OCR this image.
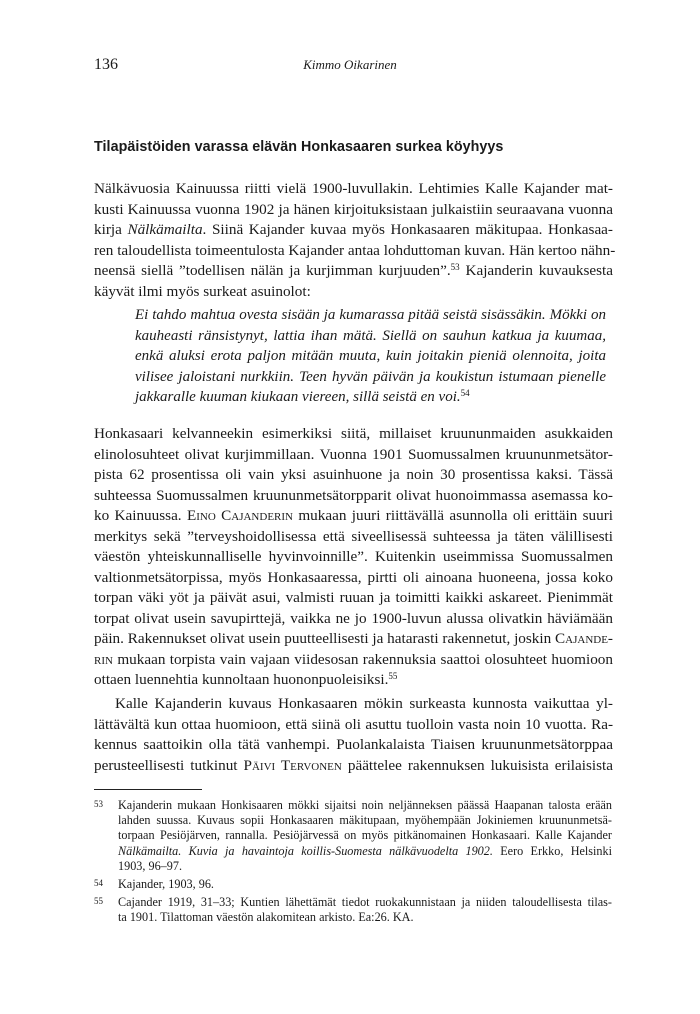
136	Kimmo Oikarinen
Tilapäistöiden varassa elävän Honkasaaren surkea köyhyys
Nälkävuosia Kainuussa riitti vielä 1900-luvullakin. Lehtimies Kalle Kajander mat-
kusti Kainuussa vuonna 1902 ja hänen kirjoituksistaan julkaistiin seuraavana vuonna
kirja Nälkämailta. Siinä Kajander kuvaa myös Honkasaaren mäkitupaa. Honkasaa-
ren taloudellista toimeentulosta Kajander antaa lohduttoman kuvan. Hän kertoo nähn-
neensä siellä ”todellisen nälän ja kurjimman kurjuuden”.$^{53}$ Kajanderin kuvauksesta
käyvät ilmi myös surkeat asuinolot:
Ei tahdo mahtua ovesta sisään ja kumarassa pitää seistä sisässäkin. Mökki on
kauheasti ränsistynyt, lattia ihan mätä. Siellä on sauhun katkua ja kuumaa,
enkä aluksi erota paljon mitään muuta, kuin joitakin pieniä olennoita, joita
vilisee jaloistani nurkkiin. Teen hyvän päivän ja koukistun istumaan pienelle
jakkaralle kuuman kiukaan viereen, sillä seistä en voi.$^{54}$
Honkasaari kelvanneekin esimerkiksi siitä, millaiset kruununmaiden asukkaiden
elinolosuhteet olivat kurjimmillaan. Vuonna 1901 Suomussalmen kruununmetsätor-
pista 62 prosentissa oli vain yksi asuinhuone ja noin 30 prosentissa kaksi. Tässä
suhteessa Suomussalmen kruununmetsätorpparit olivat huonoimmassa asemassa ko-
ko Kainuussa. Eino Cajanderin mukaan juuri riittävällä asunnolla oli erittäin suuri
merkitys sekä ”terveyshoidollisessa että siveellisessä suhteessa ja täten välillisesti
väestön yhteiskunnalliselle hyvinvoinnille”. Kuitenkin useimmissa Suomussalmen
valtionmetsätorpissa, myös Honkasaaressa, pirtti oli ainoana huoneena, jossa koko
torpan väki yöt ja päivät asui, valmisti ruuan ja toimitti kaikki askareet. Pienimmät
torpat olivat usein savupirttejä, vaikka ne jo 1900-luvun alussa olivatkin häviämään
päin. Rakennukset olivat usein puutteellisesti ja hatarasti rakennetut, joskin Cajande-
rin mukaan torpista vain vajaan viidesosan rakennuksia saattoi olosuhteet huomioon
ottaen luennehtia kunnoltaan huononpuoleisiksi.$^{55}$
Kalle Kajanderin kuvaus Honkasaaren mökin surkeasta kunnosta vaikuttaa yl-
lättävältä kun ottaa huomioon, että siinä oli asuttu tuolloin vasta noin 10 vuotta. Ra-
kennus saattoikin olla tätä vanhempi. Puolankalaista Tiaisen kruununmetsätorppaa
perusteellisesti tutkinut Päivi Tervonen päättelee rakennuksen lukuisista erilaisista
53 Kajanderin mukaan Honkisaaren mökki sijaitsi noin neljänneksen päässä Haapanan talosta erään
lahden suussa. Kuvaus sopii Honkasaaren mäkitupaan, myöhempään Jokiniemen kruununmetsä-
torpaan Pesiöjärven, rannalla. Pesiöjärvessä on myös pitkänomainen Honkasaari. Kalle Kajander
Nälkämailta. Kuvia ja havaintoja koillis-Suomesta nälkävuodelta 1902. Eero Erkko, Helsinki
1903, 96–97.
54 Kajander, 1903, 96.
55 Cajander 1919, 31–33; Kuntien lähettämät tiedot ruokakunnistaan ja niiden taloudellisesta tilas-
ta 1901. Tilattoman väestön alakomitean arkisto. Ea:26. KA.
